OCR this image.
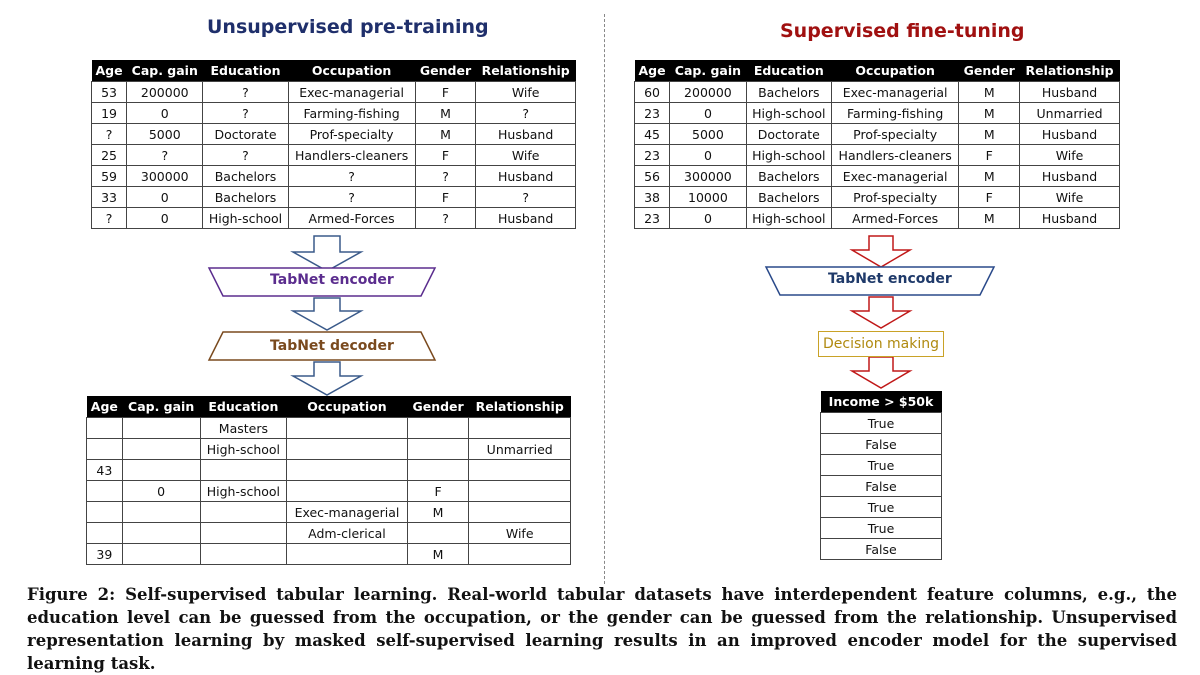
Unsupervised pre-training	Supervised fine-tuning
Age	Cap. gain	Education	Occupation	Gender	Relationship
53	200000	?	Exec-managerial	F	Wife
19	0	?	Farming-fishing	M	?
?	5000	Doctorate	Prof-specialty	M	Husband
25	?	?	Handlers-cleaners	F	Wife
59	300000	Bachelors	?	?	Husband
33	0	Bachelors	?	F	?
?	0	High-school	Armed-Forces	?	Husband
Age	Cap. gain	Education	Occupation	Gender	Relationship
60	200000	Bachelors	Exec-managerial	M	Husband
23	0	High-school	Farming-fishing	M	Unmarried
45	5000	Doctorate	Prof-specialty	M	Husband
23	0	High-school	Handlers-cleaners	F	Wife
56	300000	Bachelors	Exec-managerial	M	Husband
38	10000	Bachelors	Prof-specialty	F	Wife
23	0	High-school	Armed-Forces	M	Husband
Age	Cap. gain	Education	Occupation	Gender	Relationship
		Masters			
		High-school			Unmarried
43					
	0	High-school		F	
			Exec-managerial	M	
			Adm-clerical		Wife
39				M	
Income > $50k
True
False
True
False
True
True
False
TabNet encoder
TabNet decoder
TabNet encoder
Decision making
Figure 2: Self-supervised tabular learning. Real-world tabular datasets have interdependent feature columns, e.g., the education level can be guessed from the occupation, or the gender can be guessed from the relationship. Unsupervised representation learning by masked self-supervised learning results in an improved encoder model for the supervised learning task.
